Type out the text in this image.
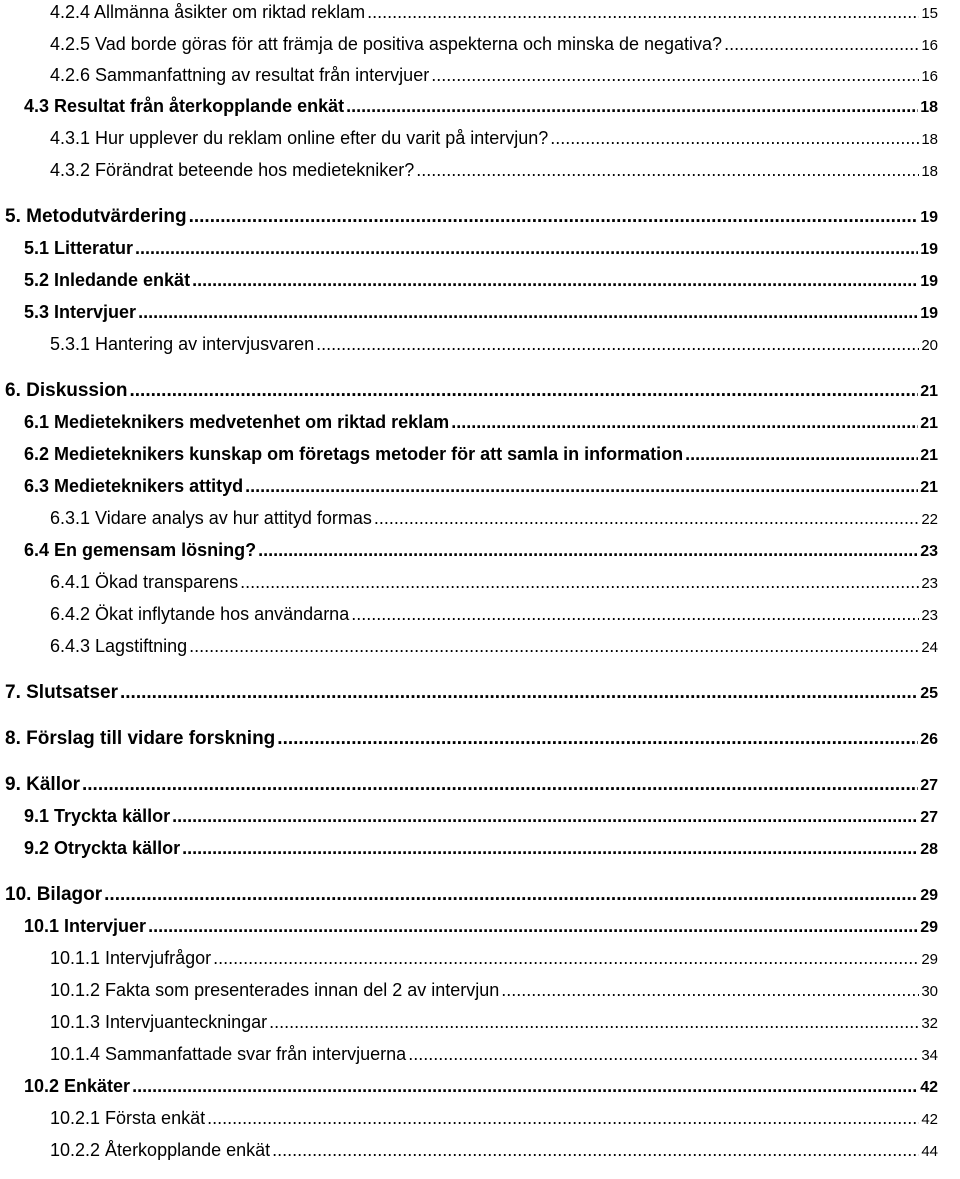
4.2.4 Allmänna åsikter om riktad reklam .....	15
4.2.5 Vad borde göras för att främja de positiva aspekterna och minska de negativa? .....	16
4.2.6 Sammanfattning av resultat från intervjuer .....	16
4.3 Resultat från återkopplande enkät .....	18
4.3.1 Hur upplever du reklam online efter du varit på intervjun? .....	18
4.3.2 Förändrat beteende hos medietekniker? .....	18
5. Metodutvärdering .....	19
5.1 Litteratur .....	19
5.2 Inledande enkät .....	19
5.3 Intervjuer .....	19
5.3.1 Hantering av intervjusvaren .....	20
6. Diskussion .....	21
6.1 Medieteknikers medvetenhet om riktad reklam .....	21
6.2 Medieteknikers kunskap om företags metoder för att samla in information .....	21
6.3 Medieteknikers attityd .....	21
6.3.1 Vidare analys av hur attityd formas .....	22
6.4 En gemensam lösning? .....	23
6.4.1 Ökad transparens .....	23
6.4.2 Ökat inflytande hos användarna .....	23
6.4.3 Lagstiftning .....	24
7. Slutsatser .....	25
8. Förslag till vidare forskning .....	26
9. Källor .....	27
9.1 Tryckta källor .....	27
9.2 Otryckta källor .....	28
10. Bilagor .....	29
10.1 Intervjuer .....	29
10.1.1 Intervjufrågor .....	29
10.1.2 Fakta som presenterades innan del 2 av intervjun .....	30
10.1.3 Intervjuanteckningar .....	32
10.1.4 Sammanfattade svar från intervjuerna .....	34
10.2 Enkäter .....	42
10.2.1 Första enkät .....	42
10.2.2 Återkopplande enkät .....	44
